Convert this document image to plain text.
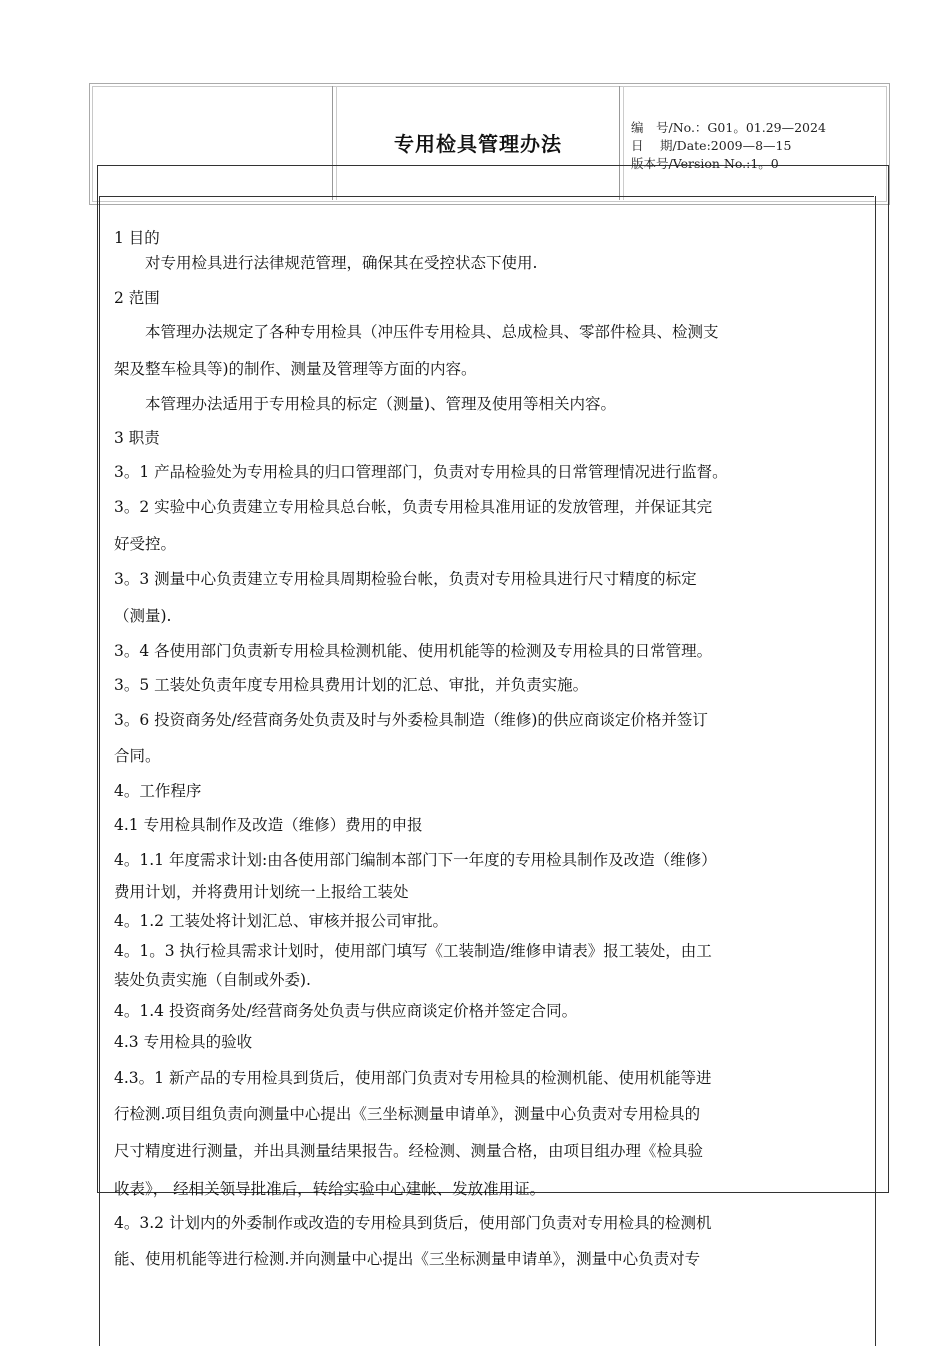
专用检具管理办法
编　号/No.：G01。01.29—2024
日　 期/Date:2009—8—15
版本号/Version No.:1。0
1 目的
对专用检具进行法律规范管理，确保其在受控状态下使用.
2 范围
本管理办法规定了各种专用检具（冲压件专用检具、总成检具、零部件检具、检测支
架及整车检具等)的制作、测量及管理等方面的内容。
本管理办法适用于专用检具的标定（测量)、管理及使用等相关内容。
3 职责
3。1 产品检验处为专用检具的归口管理部门，负责对专用检具的日常管理情况进行监督。
3。2 实验中心负责建立专用检具总台帐，负责专用检具准用证的发放管理，并保证其完
好受控。
3。3 测量中心负责建立专用检具周期检验台帐，负责对专用检具进行尺寸精度的标定
（测量).
3。4 各使用部门负责新专用检具检测机能、使用机能等的检测及专用检具的日常管理。
3。5 工装处负责年度专用检具费用计划的汇总、审批，并负责实施。
3。6 投资商务处/经营商务处负责及时与外委检具制造（维修)的供应商谈定价格并签订
合同。
4。工作程序
4.1 专用检具制作及改造（维修）费用的申报
4。1.1 年度需求计划:由各使用部门编制本部门下一年度的专用检具制作及改造（维修）
费用计划，并将费用计划统一上报给工装处
4。1.2 工装处将计划汇总、审核并报公司审批。
4。1。3 执行检具需求计划时，使用部门填写《工装制造/维修申请表》报工装处，由工
装处负责实施（自制或外委).
4。1.4 投资商务处/经营商务处负责与供应商谈定价格并签定合同。
4.3 专用检具的验收
4.3。1 新产品的专用检具到货后，使用部门负责对专用检具的检测机能、使用机能等进
行检测.项目组负责向测量中心提出《三坐标测量申请单》，测量中心负责对专用检具的
尺寸精度进行测量，并出具测量结果报告。经检测、测量合格，由项目组办理《检具验
收表》， 经相关领导批准后，转给实验中心建帐、发放准用证。
4。3.2 计划内的外委制作或改造的专用检具到货后，使用部门负责对专用检具的检测机
能、使用机能等进行检测.并向测量中心提出《三坐标测量申请单》，测量中心负责对专
